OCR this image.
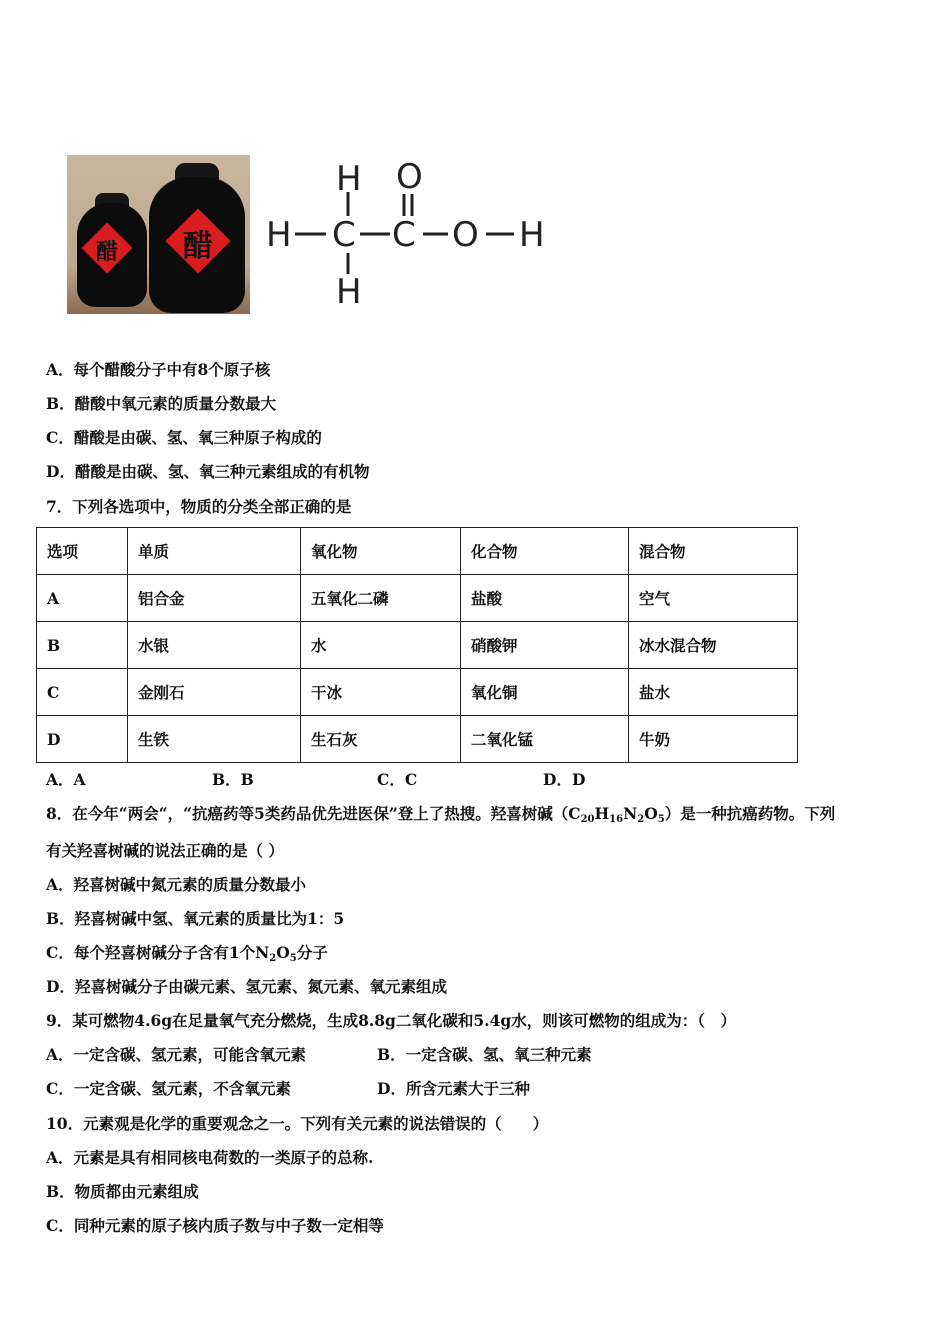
醋	醋 H
H
H
H
C C
O
O
A．每个醋酸分子中有8个原子核
B．醋酸中氧元素的质量分数最大
C．醋酸是由碳、氢、氧三种原子构成的
D．醋酸是由碳、氢、氧三种元素组成的有机物
7．下列各选项中，物质的分类全部正确的是
选项	单质	氧化物	化合物	混合物
A	铝合金	五氧化二磷	盐酸	空气
B	水银	水	硝酸钾	冰水混合物
C	金刚石	干冰	氧化铜	盐水
D	生铁	生石灰	二氧化锰	牛奶
A．A	B．B	C．C	D．D
8．在今年“两会“，“抗癌药等5类药品优先进医保”登上了热搜。羟喜树碱$(C_{20}H_{16}N_2O_5)$是一种抗癌药物。下列
有关羟喜树碱的说法正确的是（ ）
A．羟喜树碱中氮元素的质量分数最小
B．羟喜树碱中氢、氧元素的质量比为1：5
C．每个羟喜树碱分子含有1个$N_2O_5$分子
D．羟喜树碱分子由碳元素、氢元素、氮元素、氧元素组成
9．某可燃物4.6g在足量氧气充分燃烧，生成8.8g二氧化碳和5.4g水，则该可燃物的组成为：（　）
A．一定含碳、氢元素，可能含氧元素	B．一定含碳、氢、氧三种元素
C．一定含碳、氢元素，不含氧元素	D．所含元素大于三种
10．元素观是化学的重要观念之一。下列有关元素的说法错误的（　　）
A．元素是具有相同核电荷数的一类原子的总称.
B．物质都由元素组成
C．同种元素的原子核内质子数与中子数一定相等
